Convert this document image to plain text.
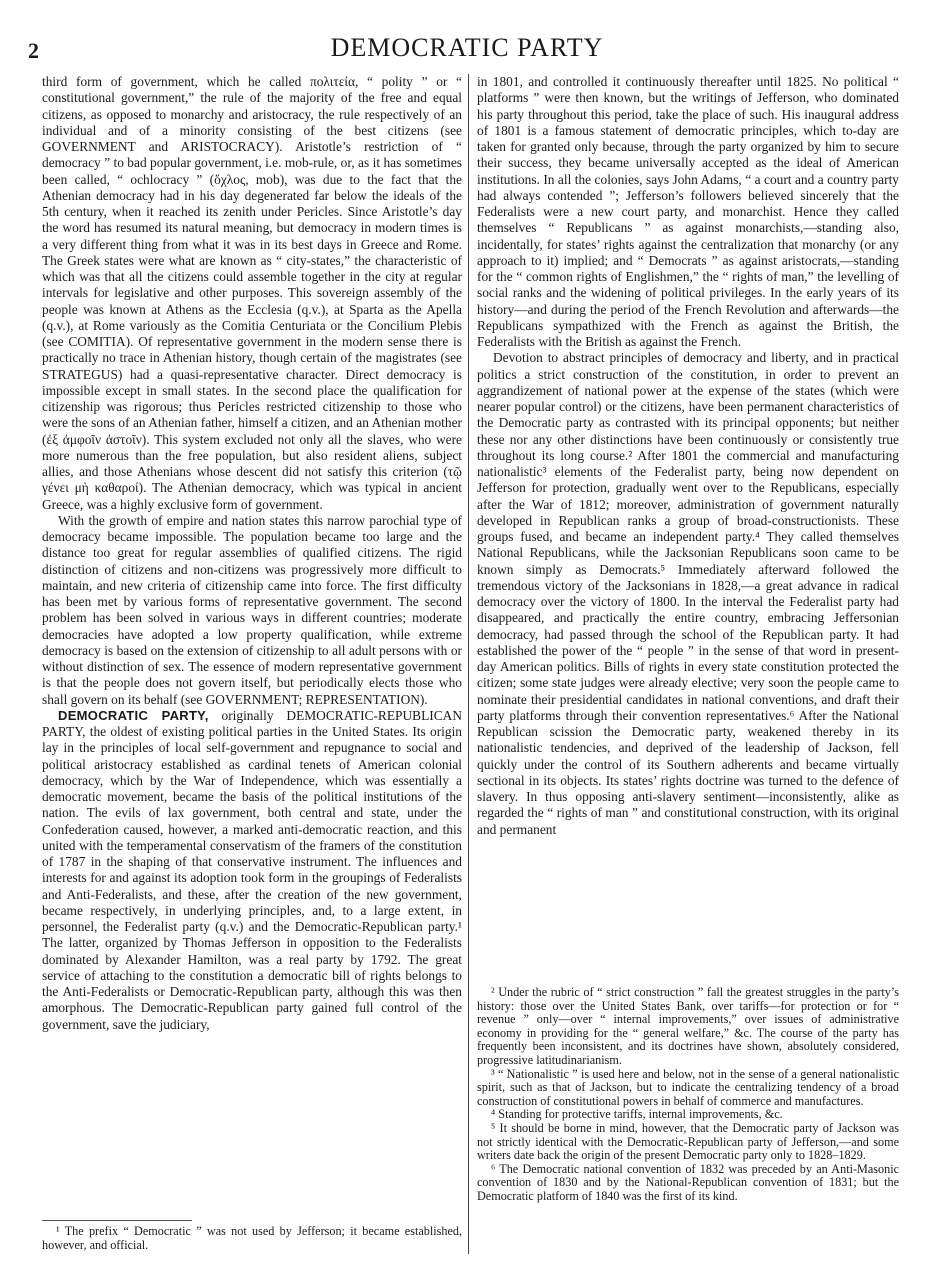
2	DEMOCRATIC PARTY

third form of government, which he called πολιτεία, “ polity ” or “ constitutional government,” the rule of the majority of the free and equal citizens, as opposed to monarchy and aristocracy, the rule respectively of an individual and of a minority consisting of the best citizens (see GOVERNMENT and ARISTOCRACY). Aristotle’s restriction of “ democracy ” to bad popular government, i.e. mob-rule, or, as it has sometimes been called, “ ochlocracy ” (ὄχλος, mob), was due to the fact that the Athenian democracy had in his day degenerated far below the ideals of the 5th century, when it reached its zenith under Pericles. Since Aristotle’s day the word has resumed its natural meaning, but democracy in modern times is a very different thing from what it was in its best days in Greece and Rome. The Greek states were what are known as “ city-states,” the characteristic of which was that all the citizens could assemble together in the city at regular intervals for legislative and other purposes. This sovereign assembly of the people was known at Athens as the Ecclesia (q.v.), at Sparta as the Apella (q.v.), at Rome variously as the Comitia Centuriata or the Concilium Plebis (see COMITIA). Of representative government in the modern sense there is practically no trace in Athenian history, though certain of the magistrates (see STRATEGUS) had a quasi-representative character. Direct democracy is impossible except in small states. In the second place the qualification for citizenship was rigorous; thus Pericles restricted citizenship to those who were the sons of an Athenian father, himself a citizen, and an Athenian mother (ἐξ ἀμφοῖν ἀστοῖν). This system excluded not only all the slaves, who were more numerous than the free population, but also resident aliens, subject allies, and those Athenians whose descent did not satisfy this criterion (τῷ γένει μὴ καθαροί). The Athenian democracy, which was typical in ancient Greece, was a highly exclusive form of government.

With the growth of empire and nation states this narrow parochial type of democracy became impossible. The population became too large and the distance too great for regular assemblies of qualified citizens. The rigid distinction of citizens and non-citizens was progressively more difficult to maintain, and new criteria of citizenship came into force. The first difficulty has been met by various forms of representative government. The second problem has been solved in various ways in different countries; moderate democracies have adopted a low property qualification, while extreme democracy is based on the extension of citizenship to all adult persons with or without distinction of sex. The essence of modern representative government is that the people does not govern itself, but periodically elects those who shall govern on its behalf (see GOVERNMENT; REPRESENTATION).

DEMOCRATIC PARTY, originally DEMOCRATIC-REPUBLICAN PARTY, the oldest of existing political parties in the United States. Its origin lay in the principles of local self-government and repugnance to social and political aristocracy established as cardinal tenets of American colonial democracy, which by the War of Independence, which was essentially a democratic movement, became the basis of the political institutions of the nation. The evils of lax government, both central and state, under the Confederation caused, however, a marked anti-democratic reaction, and this united with the temperamental conservatism of the framers of the constitution of 1787 in the shaping of that conservative instrument. The influences and interests for and against its adoption took form in the groupings of Federalists and Anti-Federalists, and these, after the creation of the new government, became respectively, in underlying principles, and, to a large extent, in personnel, the Federalist party (q.v.) and the Democratic-Republican party.¹ The latter, organized by Thomas Jefferson in opposition to the Federalists dominated by Alexander Hamilton, was a real party by 1792. The great service of attaching to the constitution a democratic bill of rights belongs to the Anti-Federalists or Democratic-Republican party, although this was then amorphous. The Democratic-Republican party gained full control of the government, save the judiciary,

in 1801, and controlled it continuously thereafter until 1825. No political “ platforms ” were then known, but the writings of Jefferson, who dominated his party throughout this period, take the place of such. His inaugural address of 1801 is a famous statement of democratic principles, which to-day are taken for granted only because, through the party organized by him to secure their success, they became universally accepted as the ideal of American institutions. In all the colonies, says John Adams, “ a court and a country party had always contended ”; Jefferson’s followers believed sincerely that the Federalists were a new court party, and monarchist. Hence they called themselves “ Republicans ” as against monarchists,—standing also, incidentally, for states’ rights against the centralization that monarchy (or any approach to it) implied; and “ Democrats ” as against aristocrats,—standing for the “ common rights of Englishmen,” the “ rights of man,” the levelling of social ranks and the widening of political privileges. In the early years of its history—and during the period of the French Revolution and afterwards—the Republicans sympathized with the French as against the British, the Federalists with the British as against the French.

Devotion to abstract principles of democracy and liberty, and in practical politics a strict construction of the constitution, in order to prevent an aggrandizement of national power at the expense of the states (which were nearer popular control) or the citizens, have been permanent characteristics of the Democratic party as contrasted with its principal opponents; but neither these nor any other distinctions have been continuously or consistently true throughout its long course.² After 1801 the commercial and manufacturing nationalistic³ elements of the Federalist party, being now dependent on Jefferson for protection, gradually went over to the Republicans, especially after the War of 1812; moreover, administration of government naturally developed in Republican ranks a group of broad-constructionists. These groups fused, and became an independent party.⁴ They called themselves National Republicans, while the Jacksonian Republicans soon came to be known simply as Democrats.⁵ Immediately afterward followed the tremendous victory of the Jacksonians in 1828,—a great advance in radical democracy over the victory of 1800. In the interval the Federalist party had disappeared, and practically the entire country, embracing Jeffersonian democracy, had passed through the school of the Republican party. It had established the power of the “ people ” in the sense of that word in present-day American politics. Bills of rights in every state constitution protected the citizen; some state judges were already elective; very soon the people came to nominate their presidential candidates in national conventions, and draft their party platforms through their convention representatives.⁶ After the National Republican scission the Democratic party, weakened thereby in its nationalistic tendencies, and deprived of the leadership of Jackson, fell quickly under the control of its Southern adherents and became virtually sectional in its objects. Its states’ rights doctrine was turned to the defence of slavery. In thus opposing anti-slavery sentiment—inconsistently, alike as regarded the “ rights of man ” and constitutional construction, with its original and permanent

¹ The prefix “ Democratic ” was not used by Jefferson; it became established, however, and official.

² Under the rubric of “ strict construction ” fall the greatest struggles in the party’s history: those over the United States Bank, over tariffs—for protection or for “ revenue ” only—over “ internal improvements,” over issues of administrative economy in providing for the “ general welfare,” &c. The course of the party has frequently been inconsistent, and its doctrines have shown, absolutely considered, progressive latitudinarianism.

³ “ Nationalistic ” is used here and below, not in the sense of a general nationalistic spirit, such as that of Jackson, but to indicate the centralizing tendency of a broad construction of constitutional powers in behalf of commerce and manufactures.

⁴ Standing for protective tariffs, internal improvements, &c.

⁵ It should be borne in mind, however, that the Democratic party of Jackson was not strictly identical with the Democratic-Republican party of Jefferson,—and some writers date back the origin of the present Democratic party only to 1828–1829.

⁶ The Democratic national convention of 1832 was preceded by an Anti-Masonic convention of 1830 and by the National-Republican convention of 1831; but the Democratic platform of 1840 was the first of its kind.
